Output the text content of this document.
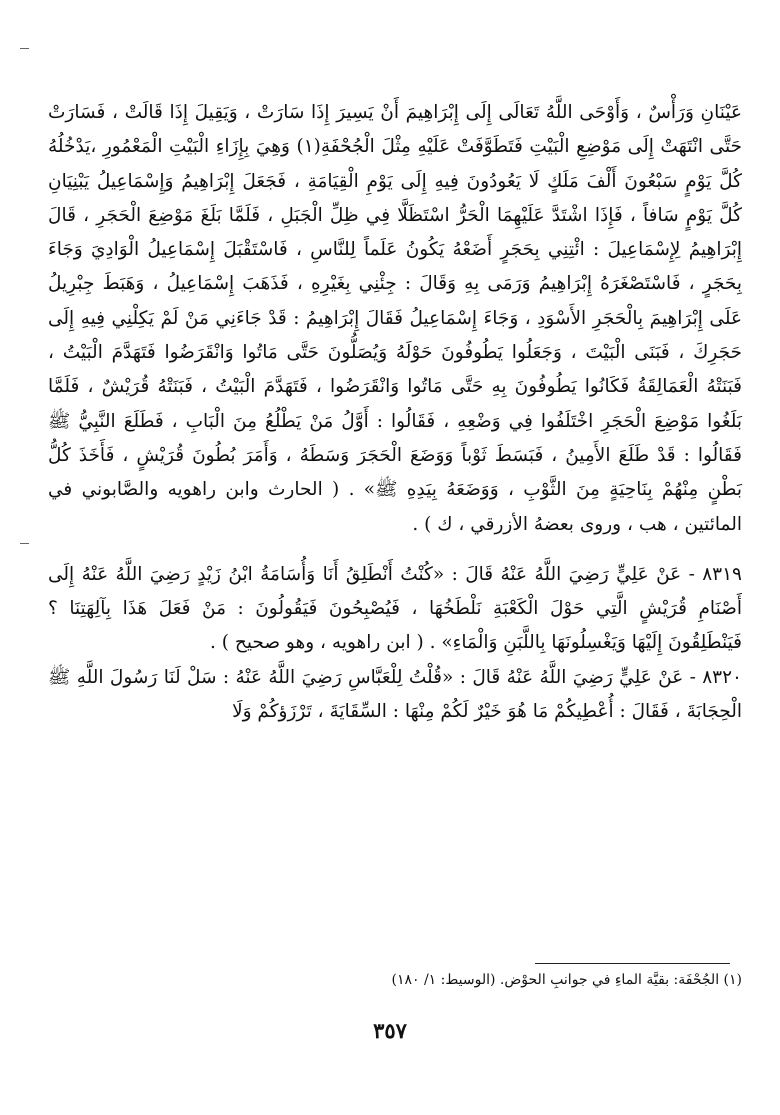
عَيْنَانِ وَرَأْسٌ ، وَأَوْحَى اللَّهُ تَعَالَى إِلَى إِبْرَاهِيمَ أَنْ يَسِيرَ إِذَا سَارَتْ ، وَيَقِيلَ إِذَا قَالَتْ ، فَسَارَتْ حَتَّى انْتَهَتْ إِلَى مَوْضِعِ الْبَيْتِ فَتَطَوَّفَتْ عَلَيْهِ مِثْلَ الْجُحْفَةِ(١) وَهِيَ بِإِزَاءِ الْبَيْتِ الْمَعْمُورِ ،يَدْخُلُهُ كُلَّ يَوْمٍ سَبْعُونَ أَلْفَ مَلَكٍ لَا يَعُودُونَ فِيهِ إِلَى يَوْمِ الْقِيَامَةِ ، فَجَعَلَ إِبْرَاهِيمُ وَإِسْمَاعِيلُ يَبْنِيَانِ كُلَّ يَوْمٍ سَافاً ، فَإِذَا اشْتَدَّ عَلَيْهِمَا الْحَرُّ اسْتَظَلَّا فِي ظِلِّ الْجَبَلِ ، فَلَمَّا بَلَغَ مَوْضِعَ الْحَجَرِ ، قَالَ إِبْرَاهِيمُ لِإِسْمَاعِيلَ : ائْتِنِي بِحَجَرٍ أَضَعْهُ يَكُونُ عَلَماً لِلنَّاسِ ، فَاسْتَقْبَلَ إِسْمَاعِيلُ الْوَادِيَ وَجَاءَ بِحَجَرٍ ، فَاسْتَصْغَرَهُ إِبْرَاهِيمُ وَرَمَى بِهِ وَقَالَ : جِئْنِي بِغَيْرِهِ ، فَذَهَبَ إِسْمَاعِيلُ ، وَهَبَطَ جِبْرِيلُ عَلَى إِبْرَاهِيمَ بِالْحَجَرِ الأَسْوَدِ ، وَجَاءَ إِسْمَاعِيلُ فَقَالَ إِبْرَاهِيمُ : قَدْ جَاءَنِي مَنْ لَمْ يَكِلْنِي فِيهِ إِلَى حَجَرِكَ ، فَبَنَى الْبَيْتَ ، وَجَعَلُوا يَطُوفُونَ حَوْلَهُ وَيُصَلُّونَ حَتَّى مَاتُوا وَانْقَرَضُوا فَتَهَدَّمَ الْبَيْتُ ، فَبَنَتْهُ الْعَمَالِقَةُ فَكَانُوا يَطُوفُونَ بِهِ حَتَّى مَاتُوا وَانْقَرَضُوا ، فَتَهَدَّمَ الْبَيْتُ ، فَبَنَتْهُ قُرَيْشٌ ، فَلَمَّا بَلَغُوا مَوْضِعَ الْحَجَرِ اخْتَلَفُوا فِي وَضْعِهِ ، فَقَالُوا : أَوَّلُ مَنْ يَطْلُعُ مِنَ الْبَابِ ، فَطَلَعَ النَّبِيُّ ﷺ فَقَالُوا : قَدْ طَلَعَ الأَمِينُ ، فَبَسَطَ ثَوْباً وَوَضَعَ الْحَجَرَ وَسَطَهُ ، وَأَمَرَ بُطُونَ قُرَيْشٍ ، فَأَخَذَ كُلُّ بَطْنٍ مِنْهُمْ بِنَاحِيَةٍ مِنَ الثَّوْبِ ، وَوَضَعَهُ بِيَدِهِ ﷺ» . ( الحارث وابن راهويه والصَّابوني في المائتين ، هب ، وروى بعضهُ الأزرقي ، ك ) .

٨٣١٩ - عَنْ عَلِيٍّ رَضِيَ اللَّهُ عَنْهُ قَالَ : «كُنْتُ أَنْطَلِقُ أَنَا وَأُسَامَةُ ابْنُ زَيْدٍ رَضِيَ اللَّهُ عَنْهُ إِلَى أَصْنَامِ قُرَيْشٍ الَّتِي حَوْلَ الْكَعْبَةِ نَلْطَخُهَا ، فَيُصْبِحُونَ فَيَقُولُونَ : مَنْ فَعَلَ هَذَا بِآلِهَتِنَا ؟ فَيَنْطَلِقُونَ إِلَيْهَا وَيَغْسِلُونَهَا بِاللَّبَنِ وَالْمَاءِ» . ( ابن راهويه ، وهو صحيح ) .

٨٣٢٠ - عَنْ عَلِيٍّ رَضِيَ اللَّهُ عَنْهُ قَالَ : «قُلْتُ لِلْعَبَّاسِ رَضِيَ اللَّهُ عَنْهُ : سَلْ لَنَا رَسُولَ اللَّهِ ﷺ الْحِجَابَةَ ، فَقَالَ : أُعْطِيكُمْ مَا هُوَ خَيْرٌ لَكُمْ مِنْهَا : السِّقَايَةَ ، تَرْزَؤكُمْ وَلَا

(١) الجُحْفَة: بقيَّة الماءِ في جوانبِ الحوْض. (الوسيط: ١/ ١٨٠)
٣٥٧
